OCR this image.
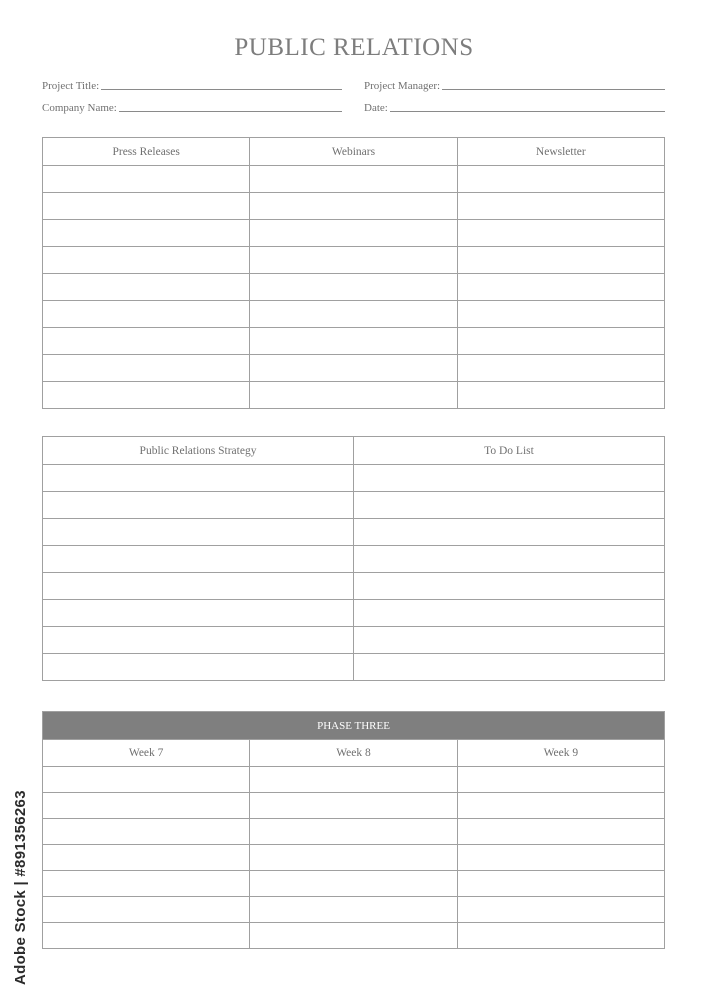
PUBLIC RELATIONS
Project Title:	Project Manager:
Company Name:	Date:
Press Releases	Webinars	Newsletter

Public Relations Strategy	To Do List

PHASE THREE		
Week 7	Week 8	Week 9

Adobe Stock | #891356263
